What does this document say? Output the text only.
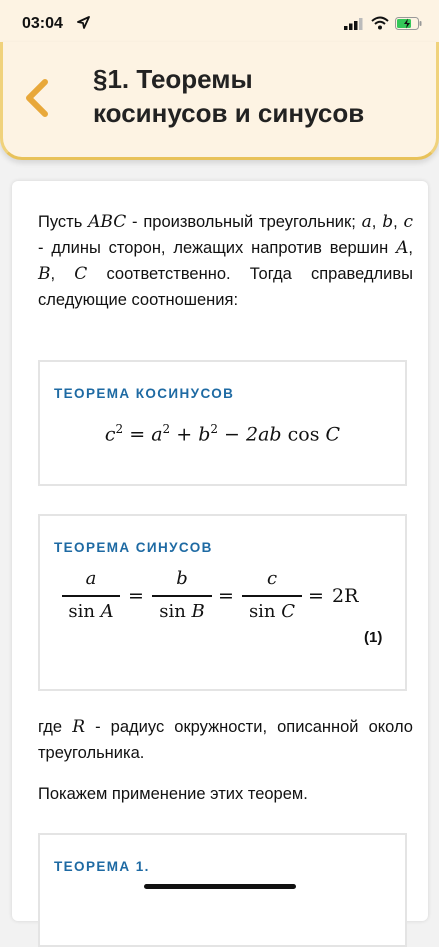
03:04
§1. Теоремы
косинусов и синусов
Пусть ABC - произвольный треугольник; a, b, c - длины сторон, лежащих напротив вершин A, B, C соответственно. Тогда справедливы следующие соотношения:
ТЕОРЕМА КОСИНУСОВ
$c^2 = a^2 + b^2 - 2ab$ cos C
ТЕОРЕМА СИНУСОВ
a
sin A
=
b
sin B
=
c
sin C
= 2R
(1)
где R - радиус окружности, описанной около треугольника.
Покажем применение этих теорем.
ТЕОРЕМА 1.
